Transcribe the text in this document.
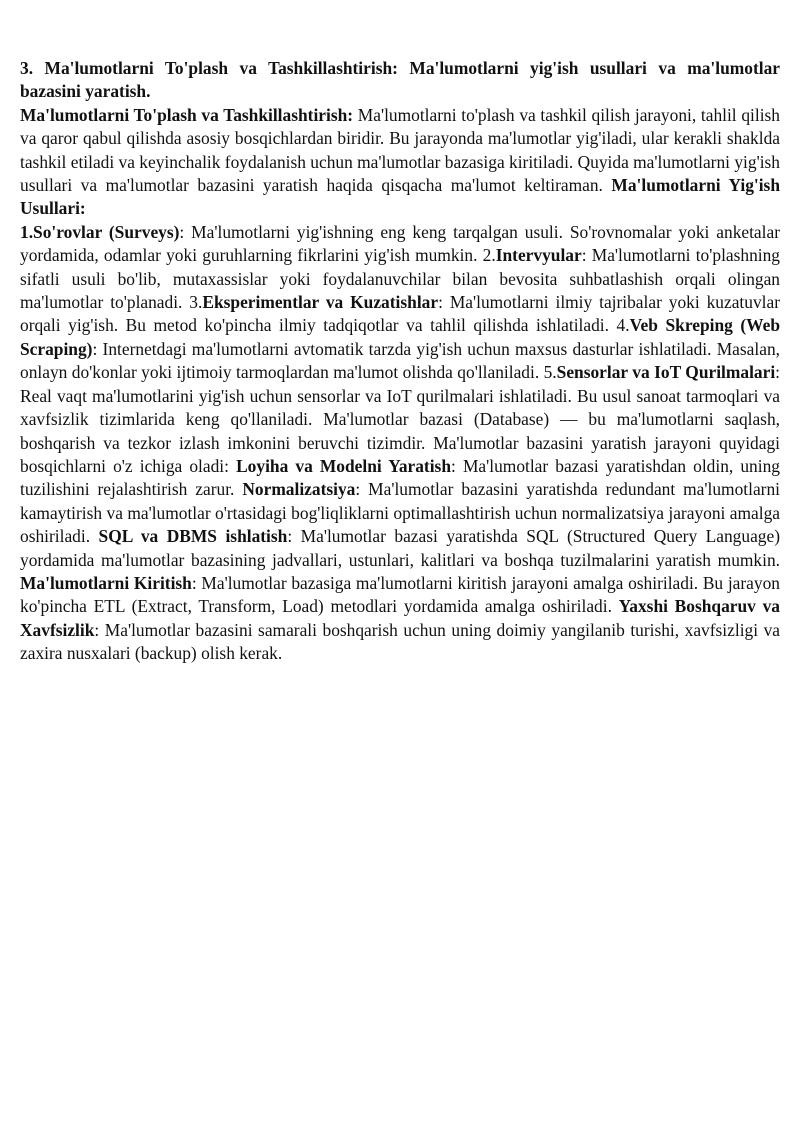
3. Ma'lumotlarni To'plash va Tashkillashtirish: Ma'lumotlarni yig'ish usullari va ma'lumotlar bazasini yaratish.

Ma'lumotlarni To'plash va Tashkillashtirish: Ma'lumotlarni to'plash va tashkil qilish jarayoni, tahlil qilish va qaror qabul qilishda asosiy bosqichlardan biridir. Bu jarayonda ma'lumotlar yig'iladi, ular kerakli shaklda tashkil etiladi va keyinchalik foydalanish uchun ma'lumotlar bazasiga kiritiladi. Quyida ma'lumotlarni yig'ish usullari va ma'lumotlar bazasini yaratish haqida qisqacha ma'lumot keltiraman. Ma'lumotlarni Yig'ish Usullari:
1.So'rovlar (Surveys): Ma'lumotlarni yig'ishning eng keng tarqalgan usuli. So'rovnomalar yoki anketalar yordamida, odamlar yoki guruhlarning fikrlarini yig'ish mumkin. 2.Intervyular: Ma'lumotlarni to'plashning sifatli usuli bo'lib, mutaxassislar yoki foydalanuvchilar bilan bevosita suhbatlashish orqali olingan ma'lumotlar to'planadi. 3.Eksperimentlar va Kuzatishlar: Ma'lumotlarni ilmiy tajribalar yoki kuzatuvlar orqali yig'ish. Bu metod ko'pincha ilmiy tadqiqotlar va tahlil qilishda ishlatiladi. 4.Veb Skreping (Web Scraping): Internetdagi ma'lumotlarni avtomatik tarzda yig'ish uchun maxsus dasturlar ishlatiladi. Masalan, onlayn do'konlar yoki ijtimoiy tarmoqlardan ma'lumot olishda qo'llaniladi. 5.Sensorlar va IoT Qurilmalari: Real vaqt ma'lumotlarini yig'ish uchun sensorlar va IoT qurilmalari ishlatiladi. Bu usul sanoat tarmoqlari va xavfsizlik tizimlarida keng qo'llaniladi. Ma'lumotlar bazasi (Database) — bu ma'lumotlarni saqlash, boshqarish va tezkor izlash imkonini beruvchi tizimdir. Ma'lumotlar bazasini yaratish jarayoni quyidagi bosqichlarni o'z ichiga oladi: Loyiha va Modelni Yaratish: Ma'lumotlar bazasi yaratishdan oldin, uning tuzilishini rejalashtirish zarur. Normalizatsiya: Ma'lumotlar bazasini yaratishda redundant ma'lumotlarni kamaytirish va ma'lumotlar o'rtasidagi bog'liqliklarni optimallashtirish uchun normalizatsiya jarayoni amalga oshiriladi. SQL va DBMS ishlatish: Ma'lumotlar bazasi yaratishda SQL (Structured Query Language) yordamida ma'lumotlar bazasining jadvallari, ustunlari, kalitlari va boshqa tuzilmalarini yaratish mumkin. Ma'lumotlarni Kiritish: Ma'lumotlar bazasiga ma'lumotlarni kiritish jarayoni amalga oshiriladi. Bu jarayon ko'pincha ETL (Extract, Transform, Load) metodlari yordamida amalga oshiriladi. Yaxshi Boshqaruv va Xavfsizlik: Ma'lumotlar bazasini samarali boshqarish uchun uning doimiy yangilanib turishi, xavfsizligi va zaxira nusxalari (backup) olish kerak.
